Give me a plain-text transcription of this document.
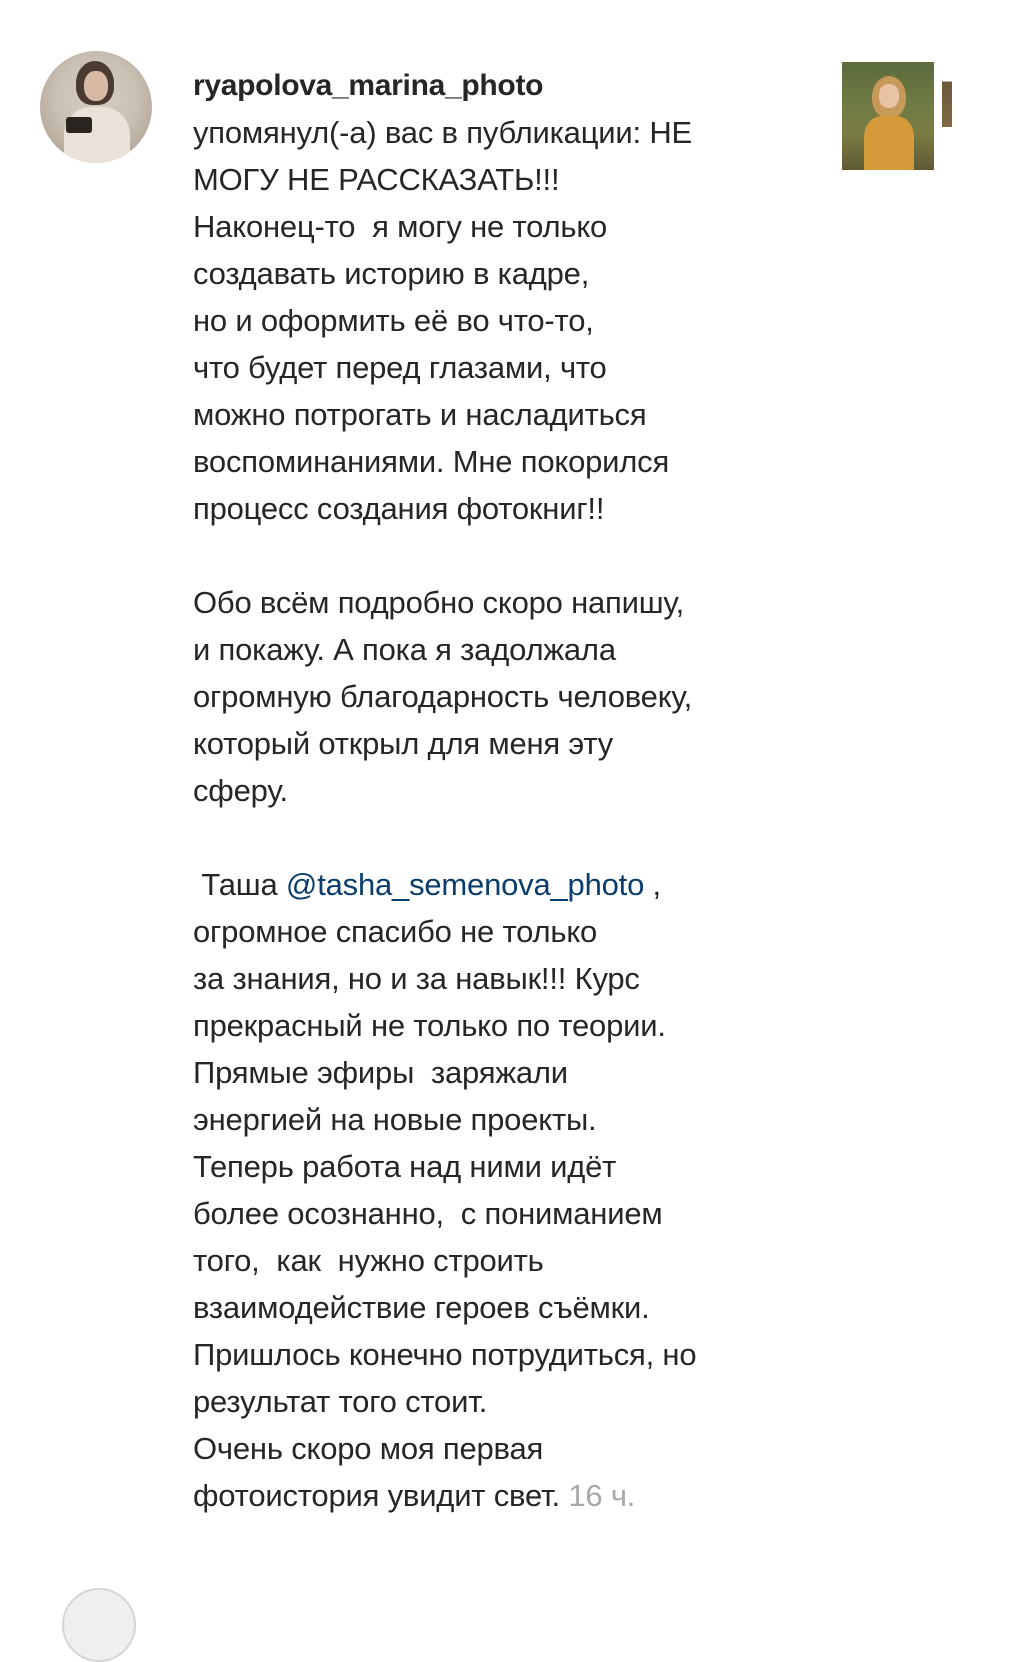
ryapolova_marina_photo
упомянул(-а) вас в публикации: НЕ
МОГУ НЕ РАССКАЗАТЬ!!!
Наконец-то  я могу не только
создавать историю в кадре,
но и оформить её во что-то,
что будет перед глазами, что
можно потрогать и насладиться
воспоминаниями. Мне покорился
процесс создания фотокниг!!
Обо всём подробно скоро напишу,
и покажу. А пока я задолжала
огромную благодарность человеку,
который открыл для меня эту
сферу.
Таша @tasha_semenova_photo ,
огромное спасибо не только
за знания, но и за навык!!! Курс
прекрасный не только по теории.
Прямые эфиры  заряжали
энергией на новые проекты.
Теперь работа над ними идёт
более осознанно,  с пониманием
того,  как  нужно строить
взаимодействие героев съёмки.
Пришлось конечно потрудиться, но
результат того стоит.
Очень скоро моя первая
фотоистория увидит свет. 16 ч.
